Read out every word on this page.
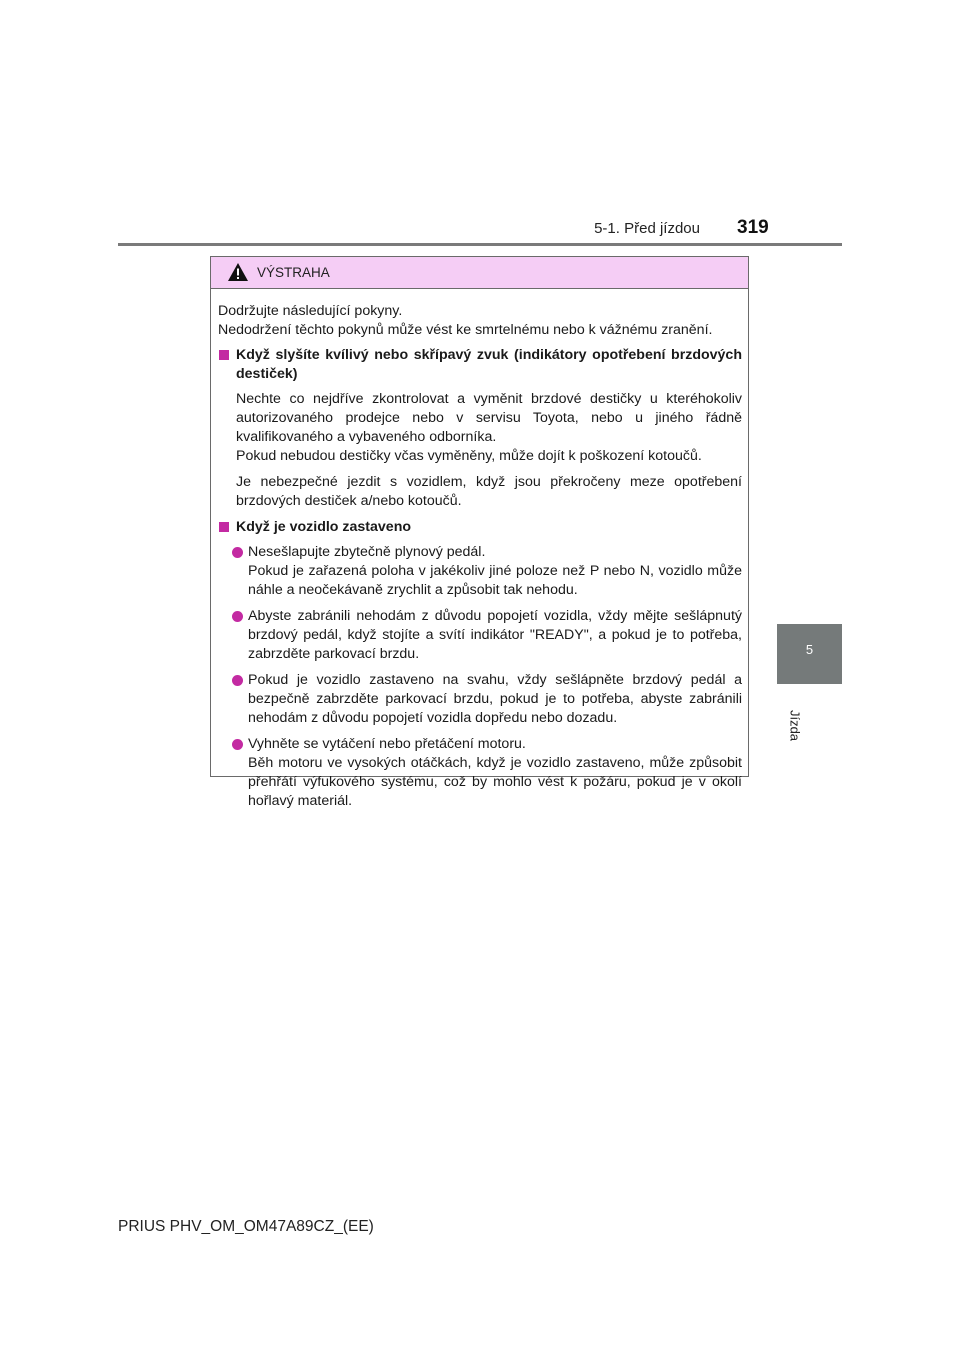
5-1. Před jízdou 319
5
Jízda
VÝSTRAHA

Dodržujte následující pokyny.
Nedodržení těchto pokynů může vést ke smrtelnému nebo k vážnému zranění.

Když slyšíte kvílivý nebo skřípavý zvuk (indikátory opotřebení brzdových destiček)
Nechte co nejdříve zkontrolovat a vyměnit brzdové destičky u kteréhokoliv autorizovaného prodejce nebo v servisu Toyota, nebo u jiného řádně kvalifikovaného a vybaveného odborníka.
Pokud nebudou destičky včas vyměněny, může dojít k poškození kotoučů.
Je nebezpečné jezdit s vozidlem, když jsou překročeny meze opotřebení brzdových destiček a/nebo kotoučů.
Když je vozidlo zastaveno
Nesešlapujte zbytečně plynový pedál.
Pokud je zařazená poloha v jakékoliv jiné poloze než P nebo N, vozidlo může náhle a neočekávaně zrychlit a způsobit tak nehodu.
Abyste zabránili nehodám z důvodu popojetí vozidla, vždy mějte sešlápnutý brzdový pedál, když stojíte a svítí indikátor "READY", a pokud je to potřeba, zabrzděte parkovací brzdu.
Pokud je vozidlo zastaveno na svahu, vždy sešlápněte brzdový pedál a bezpečně zabrzděte parkovací brzdu, pokud je to potřeba, abyste zabránili nehodám z důvodu popojetí vozidla dopředu nebo dozadu.
Vyhněte se vytáčení nebo přetáčení motoru.
Běh motoru ve vysokých otáčkách, když je vozidlo zastaveno, může způsobit přehřátí výfukového systému, což by mohlo vést k požáru, pokud je v okolí hořlavý materiál.
PRIUS PHV_OM_OM47A89CZ_(EE)
